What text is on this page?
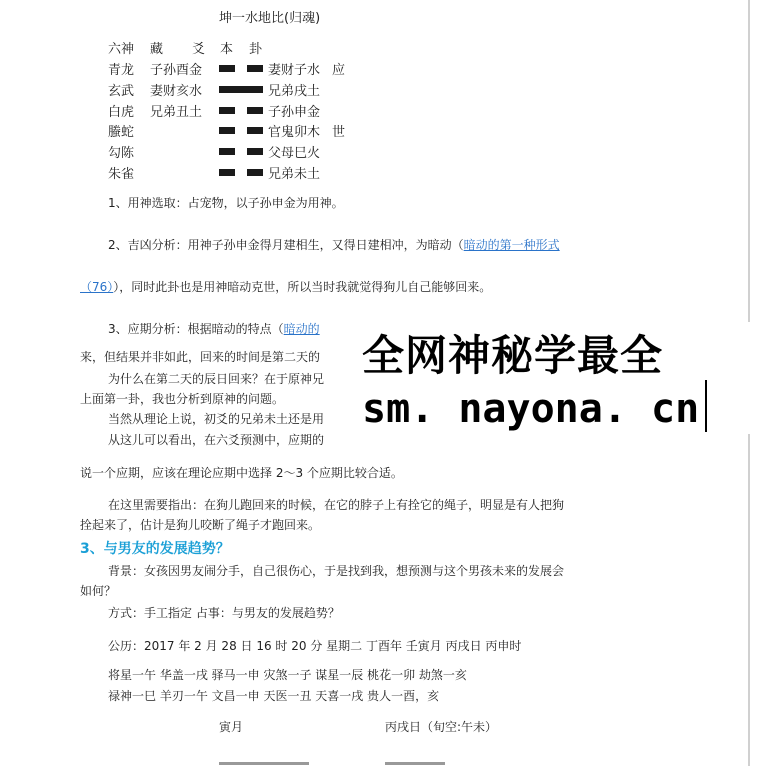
坤一水地比(归魂)
六神 藏 爻 本 卦
青龙 子孙酉金	妻财子水 应
玄武 妻财亥水	兄弟戌土
白虎 兄弟丑土	子孙申金
螣蛇	官鬼卯木 世
勾陈	父母巳火
朱雀	兄弟未土
1、用神选取：占宠物，以子孙申金为用神。
2、吉凶分析：用神子孙申金得月建相生，又得日建相冲，为暗动（暗动的第一种形式
（76）），同时此卦也是用神暗动克世，所以当时我就觉得狗儿自己能够回来。
3、应期分析：根据暗动的特点（暗动的
来，但结果并非如此，回来的时间是第二天的
为什么在第二天的辰日回来？在于原神兄
上面第一卦，我也分析到原神的问题。
当然从理论上说，初爻的兄弟未土还是用
从这儿可以看出，在六爻预测中，应期的
说一个应期，应该在理论应期中选择 2～3 个应期比较合适。
在这里需要指出：在狗儿跑回来的时候，在它的脖子上有拴它的绳子，明显是有人把狗
拴起来了，估计是狗儿咬断了绳子才跑回来。
3、与男友的发展趋势？
背景：女孩因男友闹分手，自己很伤心，于是找到我，想预测与这个男孩未来的发展会
如何？
方式：手工指定 占事：与男友的发展趋势？
公历：2017 年 2 月 28 日 16 时 20 分 星期二 丁酉年 壬寅月 丙戌日 丙申时
将星一午 华盖一戌 驿马一申 灾煞一子 谋星一辰 桃花一卯 劫煞一亥
禄神一巳 羊刃一午 文昌一申 天医一丑 天喜一戌 贵人一酉，亥
寅月	丙戌日（旬空:午未）
全网神秘学最全
sm. nayona. cn
